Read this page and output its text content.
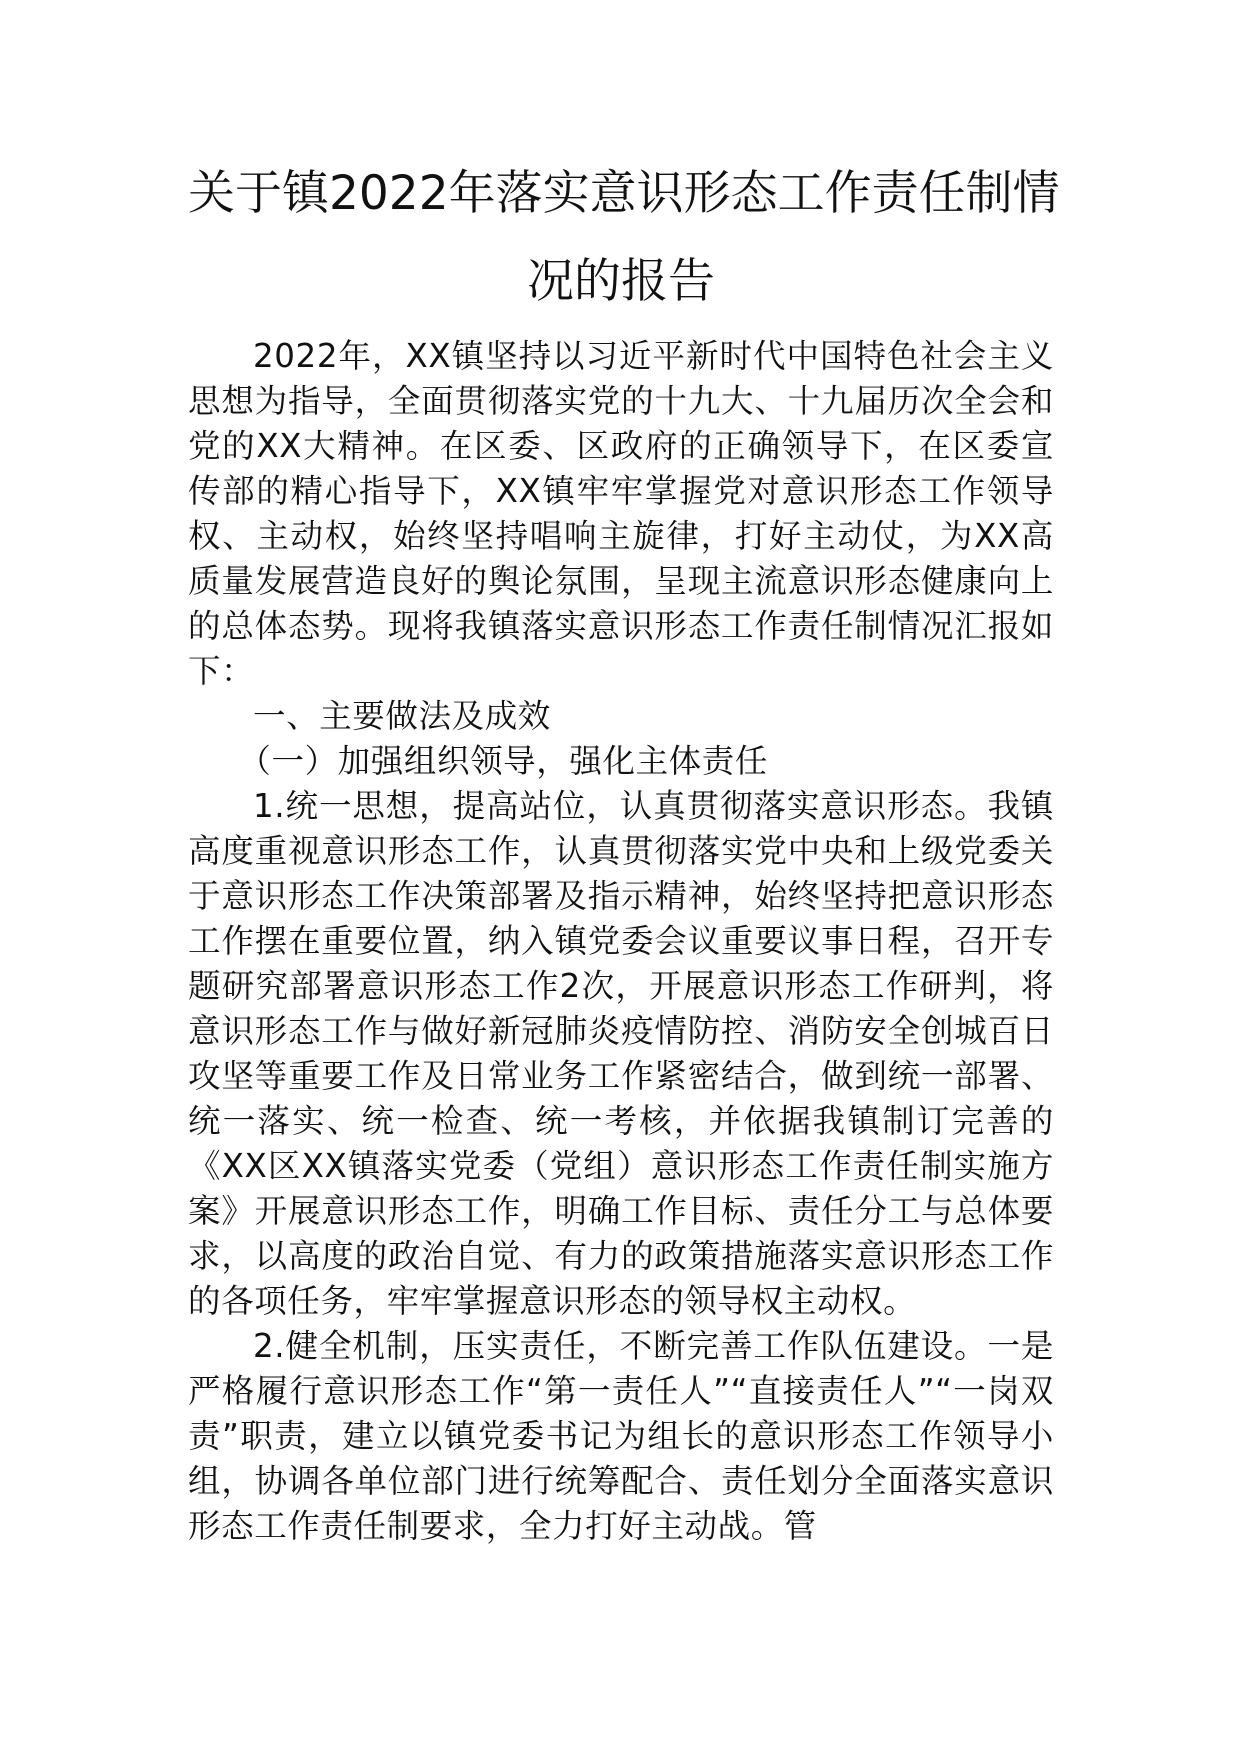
关于镇2022年落实意识形态工作责任制情
况的报告

2022年，XX镇坚持以习近平新时代中国特色社会主义思想为指导，全面贯彻落实党的十九大、十九届历次全会和党的XX大精神。在区委、区政府的正确领导下，在区委宣传部的精心指导下，XX镇牢牢掌握党对意识形态工作领导权、主动权，始终坚持唱响主旋律，打好主动仗，为XX高质量发展营造良好的舆论氛围，呈现主流意识形态健康向上的总体态势。现将我镇落实意识形态工作责任制情况汇报如下：

一、主要做法及成效

（一）加强组织领导，强化主体责任

1.统一思想，提高站位，认真贯彻落实意识形态。我镇高度重视意识形态工作，认真贯彻落实党中央和上级党委关于意识形态工作决策部署及指示精神，始终坚持把意识形态工作摆在重要位置，纳入镇党委会议重要议事日程，召开专题研究部署意识形态工作2次，开展意识形态工作研判，将意识形态工作与做好新冠肺炎疫情防控、消防安全创城百日攻坚等重要工作及日常业务工作紧密结合，做到统一部署、统一落实、统一检查、统一考核，并依据我镇制订完善的《XX区XX镇落实党委（党组）意识形态工作责任制实施方案》开展意识形态工作，明确工作目标、责任分工与总体要求，以高度的政治自觉、有力的政策措施落实意识形态工作的各项任务，牢牢掌握意识形态的领导权主动权。

2.健全机制，压实责任，不断完善工作队伍建设。一是严格履行意识形态工作“第一责任人”“直接责任人”“一岗双责”职责，建立以镇党委书记为组长的意识形态工作领导小组，协调各单位部门进行统筹配合、责任划分全面落实意识形态工作责任制要求，全力打好主动战。管
